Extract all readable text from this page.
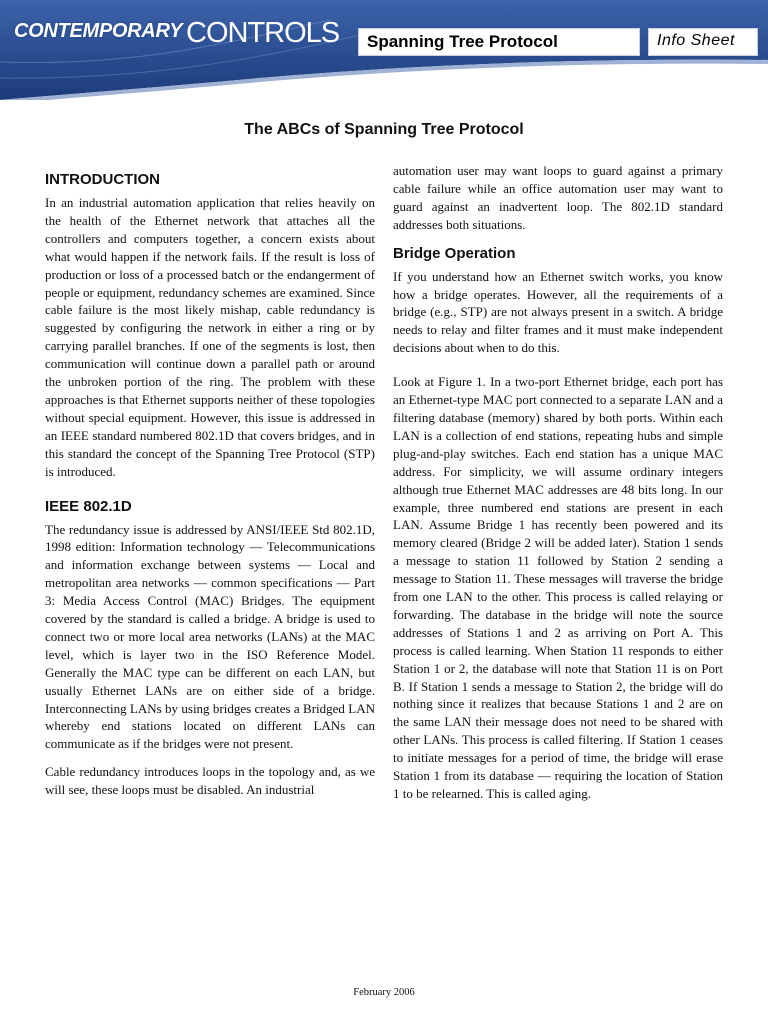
CONTEMPORARY CONTROLS Spanning Tree Protocol	Info Sheet
The ABCs of Spanning Tree Protocol
INTRODUCTION

In an industrial automation application that relies heavily on the health of the Ethernet network that attaches all the controllers and computers together, a concern exists about what would happen if the network fails. If the result is loss of production or loss of a processed batch or the endangerment of people or equipment, redundancy schemes are examined. Since cable failure is the most likely mishap, cable redundancy is suggested by configuring the network in either a ring or by carrying parallel branches. If one of the segments is lost, then communication will continue down a parallel path or around the unbroken portion of the ring. The problem with these approaches is that Ethernet supports neither of these topologies without special equipment. However, this issue is addressed in an IEEE standard numbered 802.1D that covers bridges, and in this standard the concept of the Spanning Tree Protocol (STP) is introduced.

IEEE 802.1D

The redundancy issue is addressed by ANSI/IEEE Std 802.1D, 1998 edition: Information technology — Telecommunications and information exchange between systems — Local and metropolitan area networks — common specifications — Part 3: Media Access Control (MAC) Bridges. The equipment covered by the standard is called a bridge. A bridge is used to connect two or more local area networks (LANs) at the MAC level, which is layer two in the ISO Reference Model. Generally the MAC type can be different on each LAN, but usually Ethernet LANs are on either side of a bridge. Interconnecting LANs by using bridges creates a Bridged LAN whereby end stations located on different LANs can communicate as if the bridges were not present.

Cable redundancy introduces loops in the topology and, as we will see, these loops must be disabled. An industrial

automation user may want loops to guard against a primary cable failure while an office automation user may want to guard against an inadvertent loop. The 802.1D standard addresses both situations.

Bridge Operation

If you understand how an Ethernet switch works, you know how a bridge operates. However, all the requirements of a bridge (e.g., STP) are not always present in a switch. A bridge needs to relay and filter frames and it must make independent decisions about when to do this.

Look at Figure 1. In a two-port Ethernet bridge, each port has an Ethernet-type MAC port connected to a separate LAN and a filtering database (memory) shared by both ports. Within each LAN is a collection of end stations, repeating hubs and simple plug-and-play switches. Each end station has a unique MAC address. For simplicity, we will assume ordinary integers although true Ethernet MAC addresses are 48 bits long. In our example, three numbered end stations are present in each LAN. Assume Bridge 1 has recently been powered and its memory cleared (Bridge 2 will be added later). Station 1 sends a message to station 11 followed by Station 2 sending a message to Station 11. These messages will traverse the bridge from one LAN to the other. This process is called relaying or forwarding. The database in the bridge will note the source addresses of Stations 1 and 2 as arriving on Port A. This process is called learning. When Station 11 responds to either Station 1 or 2, the database will note that Station 11 is on Port B. If Station 1 sends a message to Station 2, the bridge will do nothing since it realizes that because Stations 1 and 2 are on the same LAN their message does not need to be shared with other LANs. This process is called filtering. If Station 1 ceases to initiate messages for a period of time, the bridge will erase Station 1 from its database — requiring the location of Station 1 to be relearned. This is called aging.

February 2006
